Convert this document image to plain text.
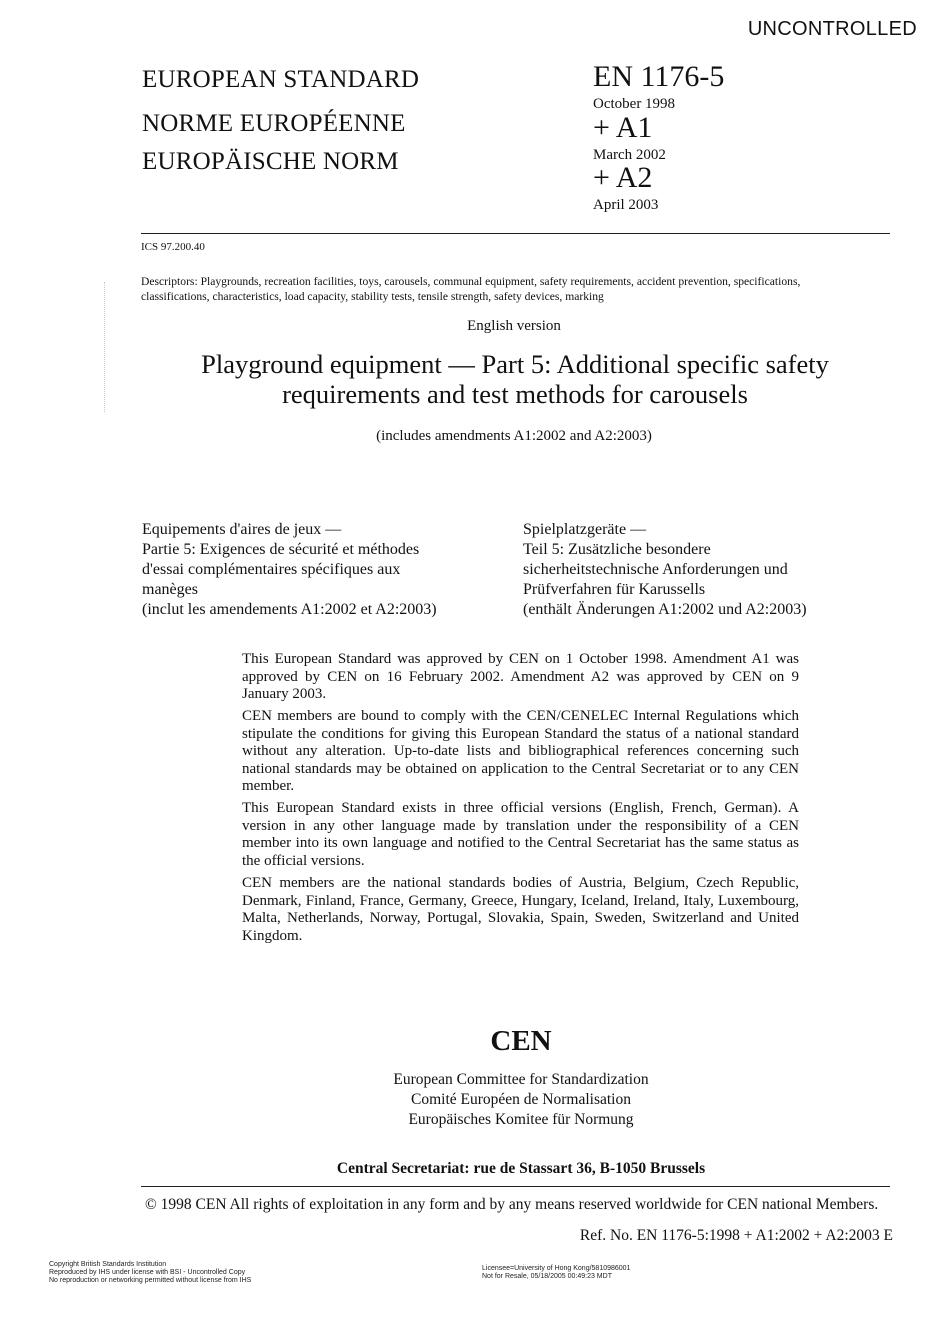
UNCONTROLLED
EUROPEAN STANDARD
NORME EUROPÉENNE
EUROPÄISCHE NORM
EN 1176-5
October 1998
+ A1
March 2002
+ A2
April 2003
ICS 97.200.40

Descriptors: Playgrounds, recreation facilities, toys, carousels, communal equipment, safety requirements, accident prevention, specifications, classifications, characteristics, load capacity, stability tests, tensile strength, safety devices, marking

English version
Playground equipment — Part 5: Additional specific safety
requirements and test methods for carousels
(includes amendments A1:2002 and A2:2003)
Equipements d'aires de jeux —
Partie 5: Exigences de sécurité et méthodes
d'essai complémentaires spécifiques aux
manèges
(inclut les amendements A1:2002 et A2:2003)
Spielplatzgeräte —
Teil 5: Zusätzliche besondere
sicherheitstechnische Anforderungen und
Prüfverfahren für Karussells
(enthält Änderungen A1:2002 und A2:2003)

This European Standard was approved by CEN on 1 October 1998. Amendment A1 was approved by CEN on 16 February 2002. Amendment A2 was approved by CEN on 9 January 2003.

CEN members are bound to comply with the CEN/CENELEC Internal Regulations which stipulate the conditions for giving this European Standard the status of a national standard without any alteration. Up-to-date lists and bibliographical references concerning such national standards may be obtained on application to the Central Secretariat or to any CEN member.

This European Standard exists in three official versions (English, French, German). A version in any other language made by translation under the responsibility of a CEN member into its own language and notified to the Central Secretariat has the same status as the official versions.

CEN members are the national standards bodies of Austria, Belgium, Czech Republic, Denmark, Finland, France, Germany, Greece, Hungary, Iceland, Ireland, Italy, Luxembourg, Malta, Netherlands, Norway, Portugal, Slovakia, Spain, Sweden, Switzerland and United Kingdom.

CEN
European Committee for Standardization
Comité Européen de Normalisation
Europäisches Komitee für Normung
Central Secretariat: rue de Stassart 36, B-1050 Brussels

© 1998 CEN All rights of exploitation in any form and by any means reserved worldwide for CEN national Members.

Ref. No. EN 1176-5:1998 + A1:2002 + A2:2003 E
Copyright British Standards Institution
Reproduced by IHS under license with BSI - Uncontrolled Copy
No reproduction or networking permitted without license from IHS
Licensee=University of Hong Kong/5810986001
Not for Resale, 05/18/2005 00:49:23 MDT
